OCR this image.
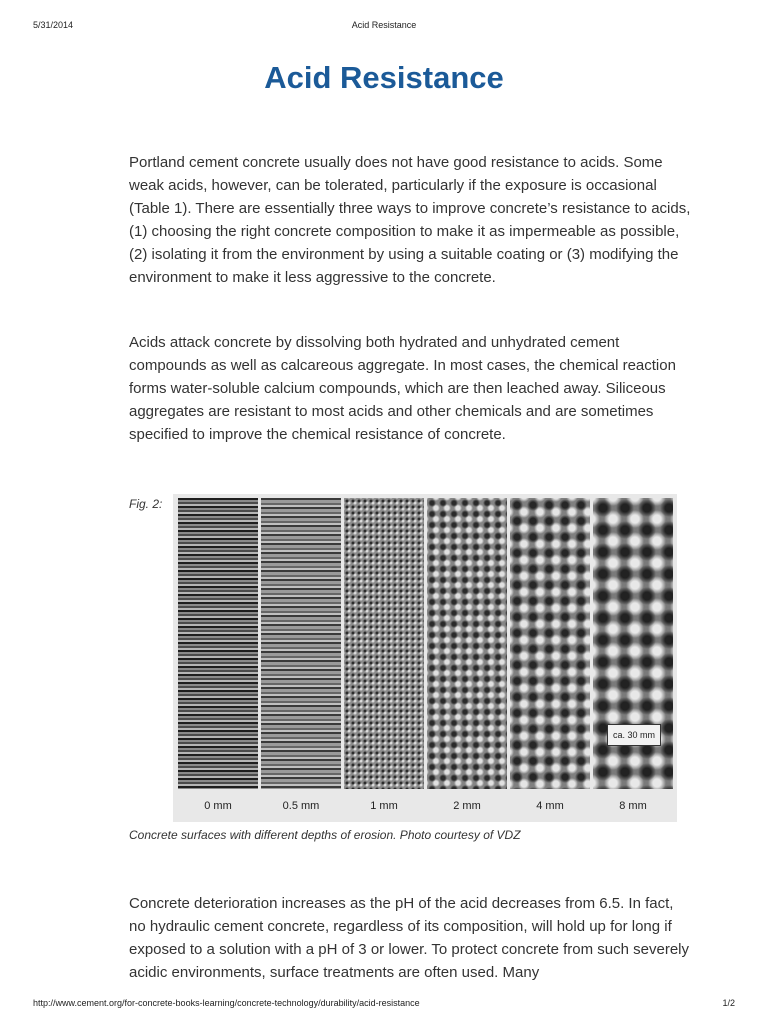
5/31/2014	Acid Resistance
Acid Resistance

Portland cement concrete usually does not have good resistance to acids. Some weak acids, however, can be tolerated, particularly if the exposure is occasional (Table 1). There are essentially three ways to improve concrete’s resistance to acids, (1) choosing the right concrete composition to make it as impermeable as possible, (2) isolating it from the environment by using a suitable coating or (3) modifying the environment to make it less aggressive to the concrete.

Acids attack concrete by dissolving both hydrated and unhydrated cement compounds as well as calcareous aggregate. In most cases, the chemical reaction forms water-soluble calcium compounds, which are then leached away. Siliceous aggregates are resistant to most acids and other chemicals and are sometimes specified to improve the chemical resistance of concrete.

Fig. 2:
ca. 30 mm
0 mm	0.5 mm	1 mm	2 mm	4 mm	8 mm
Concrete surfaces with different depths of erosion. Photo courtesy of VDZ

Concrete deterioration increases as the pH of the acid decreases from 6.5. In fact, no hydraulic cement concrete, regardless of its composition, will hold up for long if exposed to a solution with a pH of 3 or lower. To protect concrete from such severely acidic environments, surface treatments are often used. Many

http://www.cement.org/for-concrete-books-learning/concrete-technology/durability/acid-resistance	1/2
